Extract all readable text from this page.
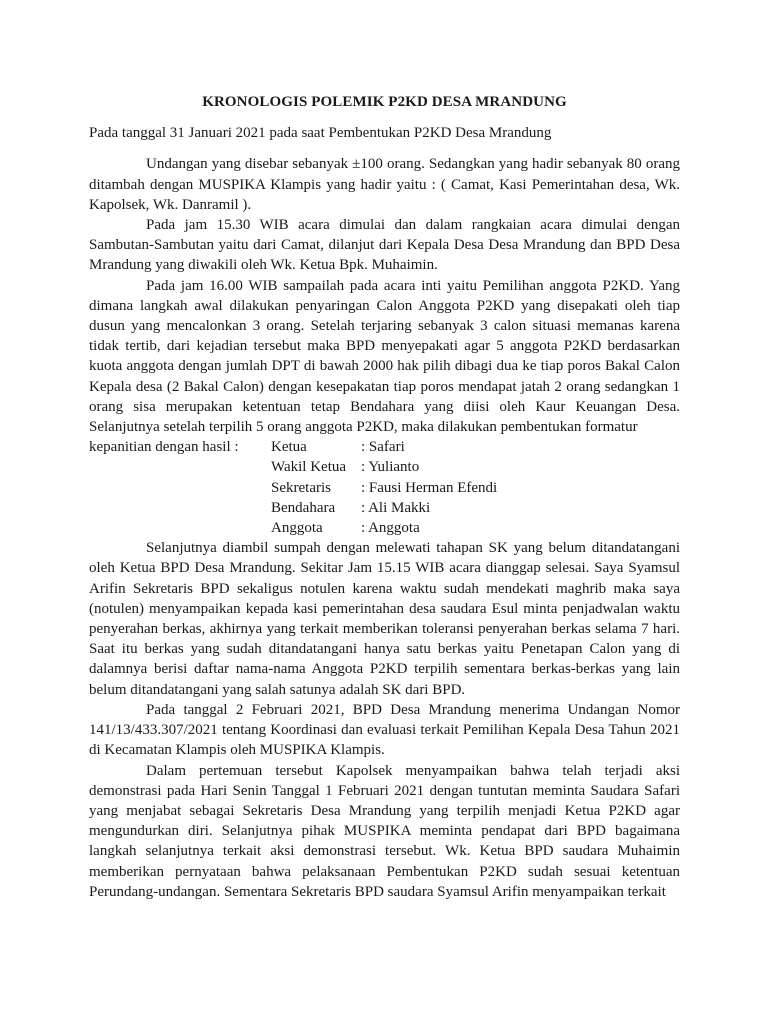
KRONOLOGIS POLEMIK P2KD DESA MRANDUNG
Pada tanggal 31 Januari 2021 pada saat Pembentukan P2KD Desa Mrandung

Undangan yang disebar sebanyak ±100 orang. Sedangkan yang hadir sebanyak 80 orang ditambah dengan MUSPIKA Klampis yang hadir yaitu : ( Camat, Kasi Pemerintahan desa, Wk. Kapolsek, Wk. Danramil ).

Pada jam 15.30 WIB acara dimulai dan dalam rangkaian acara dimulai dengan Sambutan-Sambutan yaitu dari Camat, dilanjut dari Kepala Desa Desa Mrandung dan BPD Desa Mrandung yang diwakili oleh Wk. Ketua Bpk. Muhaimin.

Pada jam 16.00 WIB sampailah pada acara inti yaitu Pemilihan anggota P2KD. Yang dimana langkah awal dilakukan penyaringan Calon Anggota P2KD yang disepakati oleh tiap dusun yang mencalonkan 3 orang. Setelah terjaring sebanyak 3 calon situasi memanas karena tidak tertib, dari kejadian tersebut maka BPD menyepakati agar 5 anggota P2KD berdasarkan kuota anggota dengan jumlah DPT di bawah 2000 hak pilih dibagi dua ke tiap poros Bakal Calon Kepala desa (2 Bakal Calon) dengan kesepakatan tiap poros mendapat jatah 2 orang sedangkan 1 orang sisa merupakan ketentuan tetap Bendahara yang diisi oleh Kaur Keuangan Desa. Selanjutnya setelah terpilih 5 orang anggota P2KD, maka dilakukan pembentukan formatur

kepanitian dengan hasil :	Ketua	: Safari
Wakil Ketua : Yulianto
Sekretaris	: Fausi Herman Efendi
Bendahara	: Ali Makki
Anggota	: Anggota

Selanjutnya diambil sumpah dengan melewati tahapan SK yang belum ditandatangani oleh Ketua BPD Desa Mrandung. Sekitar Jam 15.15 WIB acara dianggap selesai. Saya Syamsul Arifin Sekretaris BPD sekaligus notulen karena waktu sudah mendekati maghrib maka saya (notulen) menyampaikan kepada kasi pemerintahan desa saudara Esul minta penjadwalan waktu penyerahan berkas, akhirnya yang terkait memberikan toleransi penyerahan berkas selama 7 hari. Saat itu berkas yang sudah ditandatangani hanya satu berkas yaitu Penetapan Calon yang di dalamnya berisi daftar nama-nama Anggota P2KD terpilih sementara berkas-berkas yang lain belum ditandatangani yang salah satunya adalah SK dari BPD.

Pada tanggal 2 Februari 2021, BPD Desa Mrandung menerima Undangan Nomor 141/13/433.307/2021 tentang Koordinasi dan evaluasi terkait Pemilihan Kepala Desa Tahun 2021 di Kecamatan Klampis oleh MUSPIKA Klampis.

Dalam pertemuan tersebut Kapolsek menyampaikan bahwa telah terjadi aksi demonstrasi pada Hari Senin Tanggal 1 Februari 2021 dengan tuntutan meminta Saudara Safari yang menjabat sebagai Sekretaris Desa Mrandung yang terpilih menjadi Ketua P2KD agar mengundurkan diri. Selanjutnya pihak MUSPIKA meminta pendapat dari BPD bagaimana langkah selanjutnya terkait aksi demonstrasi tersebut. Wk. Ketua BPD saudara Muhaimin memberikan pernyataan bahwa pelaksanaan Pembentukan P2KD sudah sesuai ketentuan Perundang-undangan. Sementara Sekretaris BPD saudara Syamsul Arifin menyampaikan terkait
